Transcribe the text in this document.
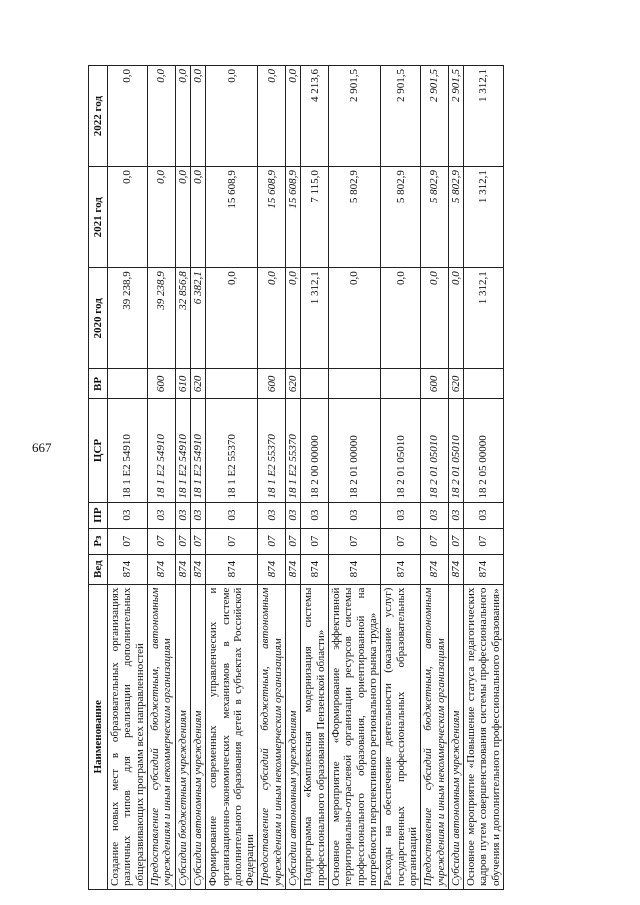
667
Наименование	Вед	Рз	ПР	ЦСР	ВР	2020 год	2021 год	2022 год
Создание новых мест в образовательных организациях различных типов для реализации дополнительных общеразвивающих программ всех направленностей	874	07	03	18 1 E2 54910		39 238,9	0,0	0,0
Предоставление субсидий бюджетным, автономным учреждениям и иным некоммерческим организациям	874	07	03	18 1 E2 54910	600	39 238,9	0,0	0,0
Субсидии бюджетным учреждениям	874	07	03	18 1 E2 54910	610	32 856,8	0,0	0,0
Субсидии автономным учреждениям	874	07	03	18 1 E2 54910	620	6 382,1	0,0	0,0
Формирование современных управленческих и организационно-экономических механизмов в системе дополнительного образования детей в субъектах Российской Федерации	874	07	03	18 1 E2 55370		0,0	15 608,9	0,0
Предоставление субсидий бюджетным, автономным учреждениям и иным некоммерческим организациям	874	07	03	18 1 E2 55370	600	0,0	15 608,9	0,0
Субсидии автономным учреждениям	874	07	03	18 1 E2 55370	620	0,0	15 608,9	0,0
Подпрограмма «Комплексная модернизация системы профессионального образования Пензенской области»	874	07	03	18 2 00 00000		1 312,1	7 115,0	4 213,6
Основное мероприятие «Формирование эффективной территориально-отраслевой организации ресурсов системы профессионального образования, ориентированной на потребности перспективного регионального рынка труда»	874	07	03	18 2 01 00000		0,0	5 802,9	2 901,5
Расходы на обеспечение деятельности (оказание услуг) государственных профессиональных образовательных организаций	874	07	03	18 2 01 05010		0,0	5 802,9	2 901,5
Предоставление субсидий бюджетным, автономным учреждениям и иным некоммерческим организациям	874	07	03	18 2 01 05010	600	0,0	5 802,9	2 901,5
Субсидии автономным учреждениям	874	07	03	18 2 01 05010	620	0,0	5 802,9	2 901,5
Основное мероприятие «Повышение статуса педагогических кадров путем совершенствования системы профессионального обучения и дополнительного профессионального образования»	874	07	03	18 2 05 00000		1 312,1	1 312,1	1 312,1
